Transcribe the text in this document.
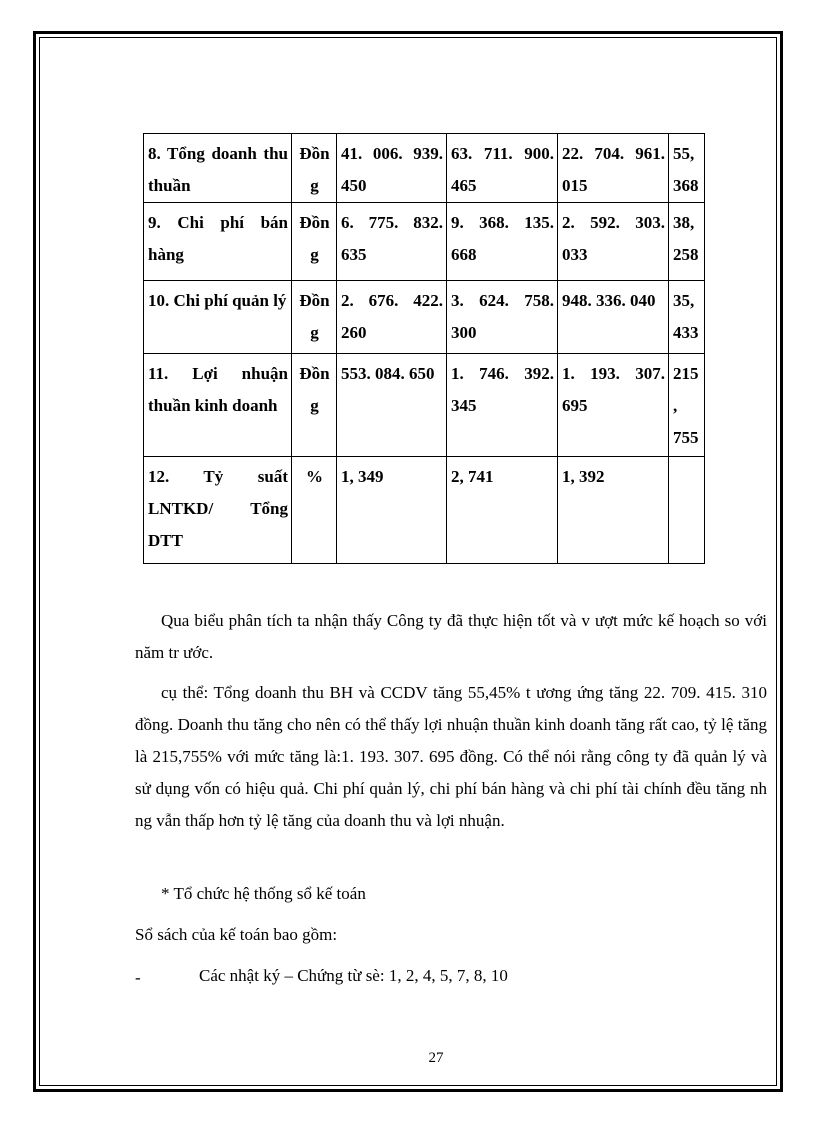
8. Tổng doanh thu thuần	Đồng	41. 006. 939. 450	63. 711. 900. 465	22. 704. 961. 015	55, 368
9. Chi phí bán hàng	Đồng	6. 775. 832. 635	9. 368. 135. 668	2. 592. 303. 033	38, 258
10. Chi phí quản lý	Đồng	2. 676. 422. 260	3. 624. 758. 300	948. 336. 040	35, 433
11. Lợi nhuận thuần kinh doanh	Đồng	553. 084. 650	1. 746. 392. 345	1. 193. 307. 695	215, 755
12. Tỷ suất LNTKD/ Tổng DTT	%	1, 349	2, 741	1, 392	

Qua biểu phân tích ta nhận thấy Công ty đã thực hiện tốt và v ượt mức kế hoạch so với năm tr ước.

cụ thể: Tổng doanh thu BH và CCDV tăng 55,45% t ương ứng tăng 22. 709. 415. 310 đồng. Doanh thu tăng cho nên có thể thấy lợi nhuận thuần kinh doanh tăng rất cao, tỷ lệ tăng là 215,755% với mức tăng là:1. 193. 307. 695 đồng. Có thể nói rằng công ty đã quản lý và sử dụng vốn có hiệu quả. Chi phí quản lý, chi phí bán hàng và chi phí tài chính đều tăng nh ng vẫn thấp hơn tỷ lệ tăng của doanh thu và lợi nhuận.

* Tổ chức hệ thống sổ kế toán

Sổ sách của kế toán bao gồm:

-	Các nhật ký – Chứng từ sè: 1, 2, 4, 5, 7, 8, 10
27
